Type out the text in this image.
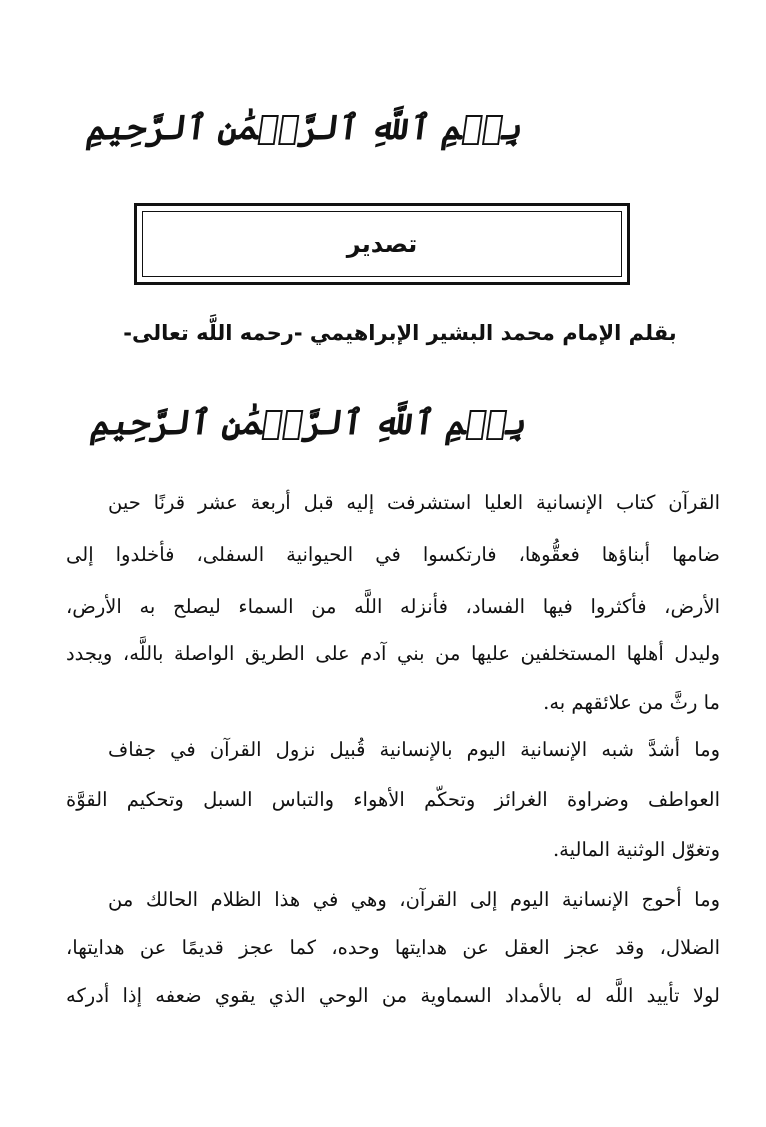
بِسۡمِ ٱللَّهِ ٱلرَّحۡمَٰنِ ٱلرَّحِيمِ
تصدير
بقلم الإمام محمد البشير الإبراهيمي -رحمه اللَّه تعالى-
بِسۡمِ ٱللَّهِ ٱلرَّحۡمَٰنِ ٱلرَّحِيمِ
القرآن كتاب الإنسانية العليا استشرفت إليه قبل أربعة عشر قرنًا حين
ضامها أبناؤها فعقُّوها، فارتكسوا في الحيوانية السفلى، فأخلدوا إلى
الأرض، فأكثروا فيها الفساد، فأنزله اللَّه من السماء ليصلح به الأرض،
وليدل أهلها المستخلفين عليها من بني آدم على الطريق الواصلة باللَّه، ويجدد
ما رثَّ من علائقهم به.
وما أشدَّ شبه الإنسانية اليوم بالإنسانية قُبيل نزول القرآن في جفاف
العواطف وضراوة الغرائز وتحكّم الأهواء والتباس السبل وتحكيم القوَّة
وتغوّل الوثنية المالية.
وما أحوج الإنسانية اليوم إلى القرآن، وهي في هذا الظلام الحالك من
الضلال، وقد عجز العقل عن هدايتها وحده، كما عجز قديمًا عن هدايتها،
لولا تأييد اللَّه له بالأمداد السماوية من الوحي الذي يقوي ضعفه إذا أدركه
